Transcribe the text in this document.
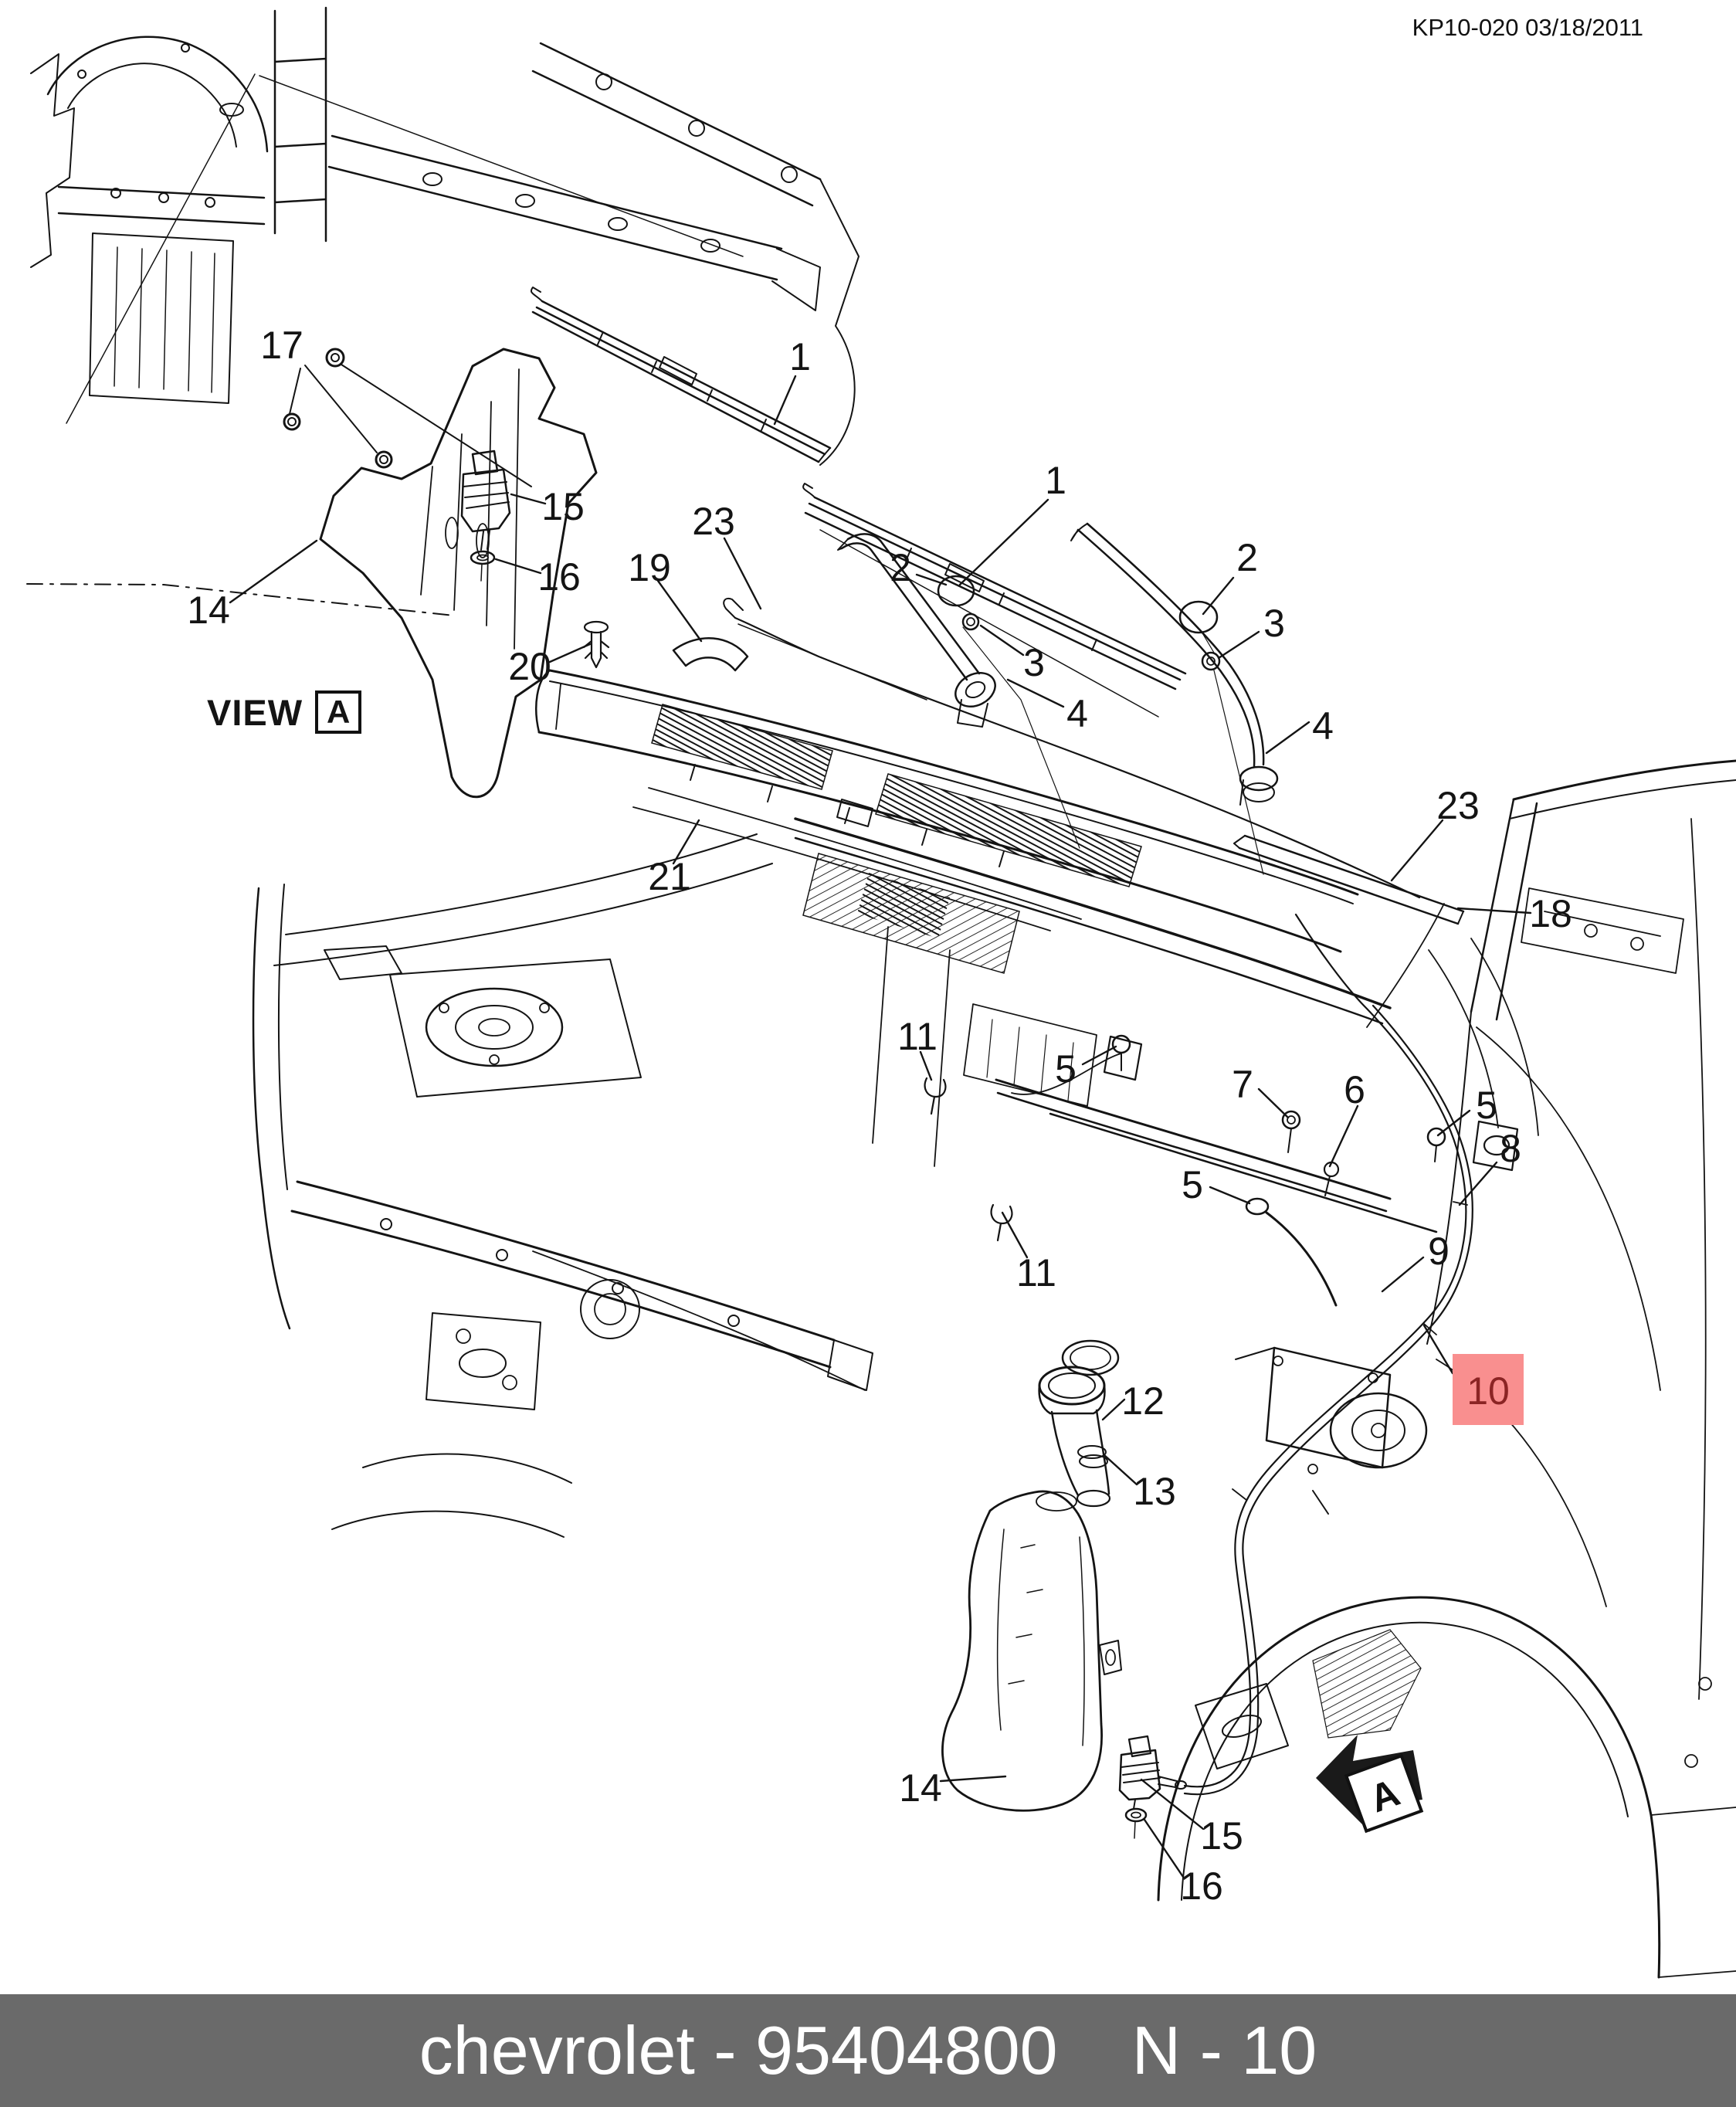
KP10-020 03/18/2011
10
A
1
1
2	2
3
3
4	4
5
5
5
6
7
8
9
11
11
12
13
14
14
15
15
16
16
17
18
19
20
21
23
23
VIEW A
chevrolet - 95404800 N - 10
